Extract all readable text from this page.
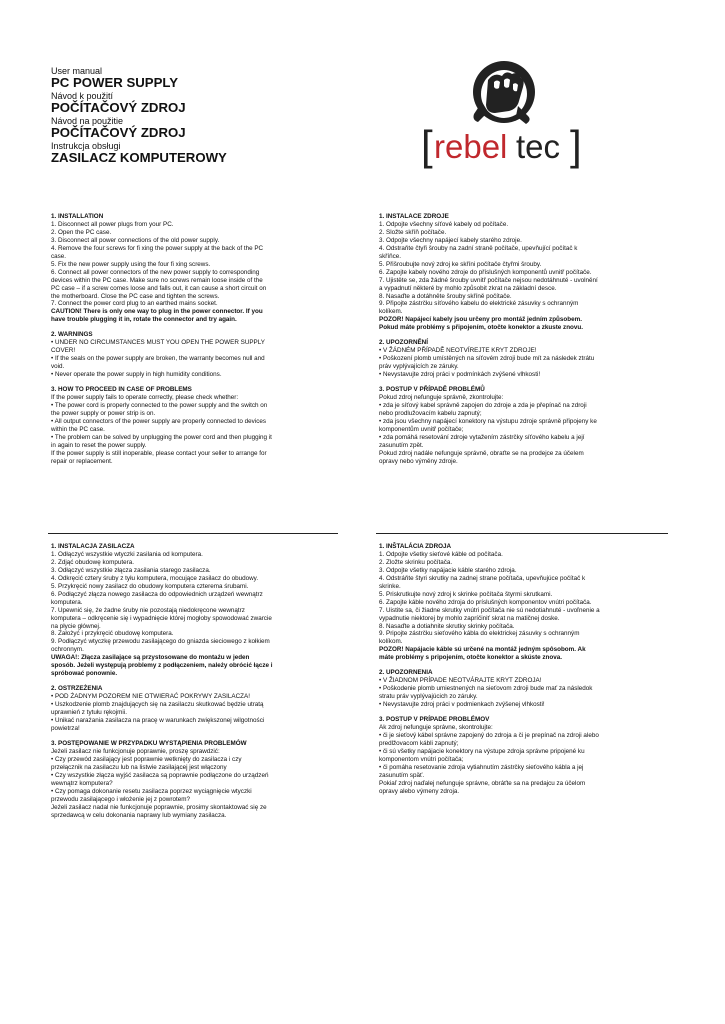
User manual

PC POWER SUPPLY

Návod k použití

POČÍTAČOVÝ ZDROJ

Návod na použitie

POČÍTAČOVÝ ZDROJ

Instrukcja obsługi

ZASILACZ KOMPUTEROWY	[ rebel tec ]

1. INSTALLATION

1. Disconnect all power plugs from your PC.

2. Open the PC case.

3. Disconnect all power connections of the old power supply.

4. Remove the four screws for fi xing the power supply at the back of the PC case.

5. Fix the new power supply using the four fi xing screws.

6. Connect all power connectors of the new power supply to corresponding devices within the PC case. Make sure no screws remain loose inside of the PC case – if a screw comes loose and falls out, it can cause a short circuit on the motherboard. Close the PC case and tighten the screws.

7. Connect the power cord plug to an earthed mains socket.

CAUTION! There is only one way to plug in the power connector. If you have trouble plugging it in, rotate the connector and try again.

2. WARNINGS

• UNDER NO CIRCUMSTANCES MUST YOU OPEN THE POWER SUPPLY COVER!

• If the seals on the power supply are broken, the warranty becomes null and void.

• Never operate the power supply in high humidity conditions.

3. HOW TO PROCEED IN CASE OF PROBLEMS

If the power supply fails to operate correctly, please check whether:

• The power cord is properly connected to the power supply and the switch on the power supply or power strip is on.

• All output connectors of the power supply are properly connected to devices within the PC case.

• The problem can be solved by unplugging the power cord and then plugging it in again to reset the power supply.

If the power supply is still inoperable, please contact your seller to arrange for repair or replacement.

1. INSTALACE ZDROJE

1. Odpojte všechny síťové kabely od počítače.

2. Složte skříň počítače.

3. Odpojte všechny napájecí kabely starého zdroje.

4. Odstraňte čtyři šrouby na zadní straně počítače, upevňující počítač k skříňce.

5. Přišroubujte nový zdroj ke skříni počítače čtyřmi šrouby.

6. Zapojte kabely nového zdroje do příslušných komponentů uvnitř počítače.

7. Ujistěte se, zda žádné šrouby uvnitř počítače nejsou nedotáhnuté - uvolnění a vypadnutí některé by mohlo způsobit zkrat na základní desce.

8. Nasaďte a dotáhněte šrouby skříně počítače.

9. Připojte zástrčku síťového kabelu do elektrické zásuvky s ochranným kolíkem.

POZOR! Napájecí kabely jsou určeny pro montáž jedním způsobem. Pokud máte problémy s připojením, otočte konektor a zkuste znovu.

2. UPOZORNĚNÍ

• V ŽÁDNÉM PŘÍPADĚ NEOTVÍREJTE KRYT ZDROJE!

• Poškození plomb umístěných na síťovém zdroji bude mít za následek ztrátu práv vyplývajících ze záruky.

• Nevystavujte zdroj práci v podmínkách zvýšené vlhkosti!

3. POSTUP V PŘÍPADĚ PROBLÉMŮ

Pokud zdroj nefunguje správně, zkontrolujte:

• zda je síťový kabel správně zapojen do zdroje a zda je přepínač na zdroji nebo prodlužovacím kabelu zapnutý;

• zda jsou všechny napájecí konektory na výstupu zdroje správně připojeny ke komponentům uvnitř počítače;

• zda pomáhá resetování zdroje vytažením zástrčky síťového kabelu a její zasunutím zpět.

Pokud zdroj nadále nefunguje správně, obraťte se na prodejce za účelem opravy nebo výměny zdroje.

1. INSTALACJA ZASILACZA

1. Odłączyć wszystkie wtyczki zasilania od komputera.

2. Zdjąć obudowę komputera.

3. Odłączyć wszystkie złącza zasilania starego zasilacza.

4. Odkręcić cztery śruby z tyłu komputera, mocujące zasilacz do obudowy.

5. Przykręcić nowy zasilacz do obudowy komputera czterema śrubami.

6. Podłączyć złącza nowego zasilacza do odpowiednich urządzeń wewnątrz komputera.

7. Upewnić się, że żadne śruby nie pozostają niedokręcone wewnątrz komputera – odkręcenie się i wypadnięcie której mogłoby spowodować zwarcie na płycie głównej.

8. Założyć i przykręcić obudowę komputera.

9. Podłączyć wtyczkę przewodu zasilającego do gniazda sieciowego z kołkiem ochronnym.

UWAGA!: Złącza zasilające są przystosowane do montażu w jeden sposób. Jeżeli występują problemy z podłączeniem, należy obrócić łącze i spróbować ponownie.

2. OSTRZEŻENIA

• POD ŻADNYM POZOREM NIE OTWIERAĆ POKRYWY ZASILACZA!

• Uszkodzenie plomb znajdujących się na zasilaczu skutkować będzie utratą uprawnień z tytułu rękojmii.

• Unikać narażania zasilacza na pracę w warunkach zwiększonej wilgotności powietrza!

3. POSTĘPOWANIE W PRZYPADKU WYSTĄPIENIA PROBLEMÓW

Jeżeli zasilacz nie funkcjonuje poprawnie, proszę sprawdzić:

• Czy przewód zasilający jest poprawnie wetknięty do zasilacza i czy przełącznik na zasilaczu lub na listwie zasilającej jest włączony

• Czy wszystkie złącza wyjść zasilacza są poprawnie podłączone do urządzeń wewnątrz komputera?

• Czy pomaga dokonanie resetu zasilacza poprzez wyciągnięcie wtyczki przewodu zasilającego i włożenie jej z powrotem?

Jeżeli zasilacz nadal nie funkcjonuje poprawnie, prosimy skontaktować się ze sprzedawcą w celu dokonania naprawy lub wymiany zasilacza.

1. INŠTALÁCIA ZDROJA

1. Odpojte všetky sieťové káble od počítača.

2. Zložte skrinku počítača.

3. Odpojte všetky napájacie káble starého zdroja.

4. Odstráňte štyri skrutky na zadnej strane počítača, upevňujúce počítač k skrinke.

5. Priskrutkujte nový zdroj k skrinke počítača štyrmi skrutkami.

6. Zapojte káble nového zdroja do príslušných komponentov vnútri počítača.

7. Uistite sa, či žiadne skrutky vnútri počítača nie sú nedotiahnuté - uvoľnenie a vypadnutie niektorej by mohlo zapríčiniť skrat na matičnej doske.

8. Nasaďte a dotiahnite skrutky skrinky počítača.

9. Pripojte zástrčku sieťového kábla do elektrickej zásuvky s ochranným kolíkom.

POZOR! Napájacie káble sú určené na montáž jedným spôsobom. Ak máte problémy s pripojením, otočte konektor a skúste znova.

2. UPOZORNENIA

• V ŽIADNOM PRÍPADE NEOTVÁRAJTE KRYT ZDROJA!

• Poškodenie plomb umiestnených na sieťovom zdroji bude mať za následok stratu práv vyplývajúcich zo záruky.

• Nevystavujte zdroj práci v podmienkach zvýšenej vlhkosti!

3. POSTUP V PRÍPADE PROBLÉMOV

Ak zdroj nefunguje správne, skontrolujte:

• či je sieťový kábel správne zapojený do zdroja a či je prepínač na zdroji alebo predlžovacom kábli zapnutý;

• či sú všetky napájacie konektory na výstupe zdroja správne pripojené ku komponentom vnútri počítača;

• či pomáha resetovanie zdroja vytiahnutím zástrčky sieťového kábla a jej zasunutím späť.

Pokiaľ zdroj naďalej nefunguje správne, obráťte sa na predajcu za účelom opravy alebo výmeny zdroja.
